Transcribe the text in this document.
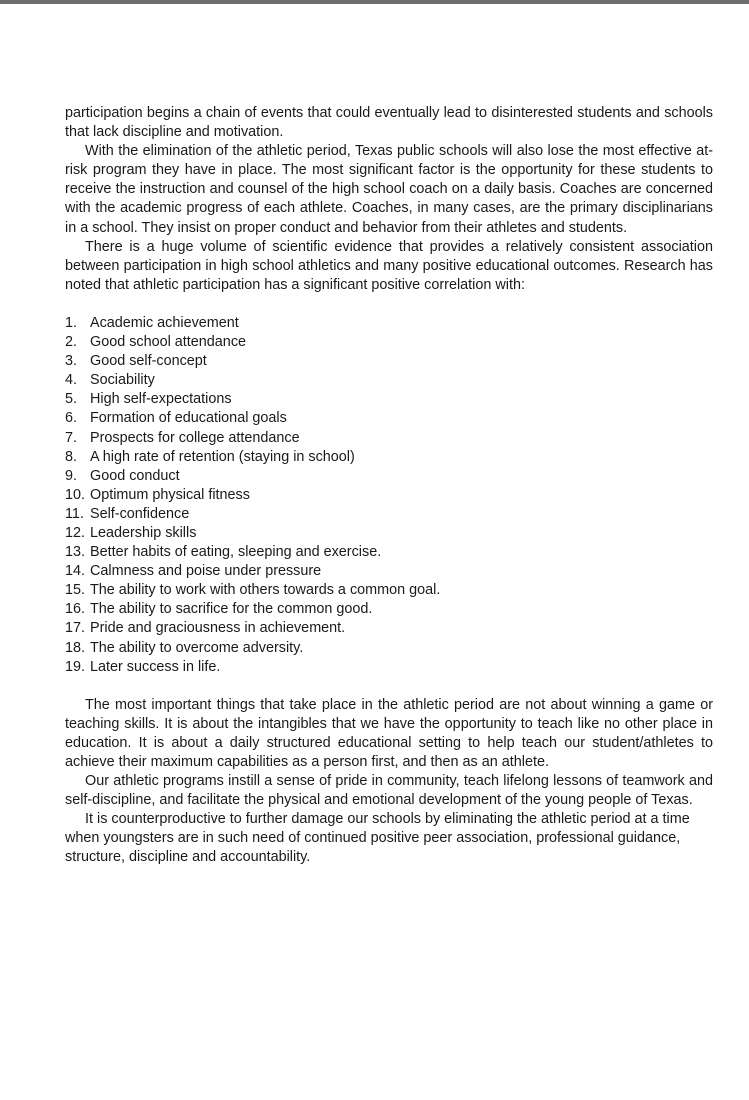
participation begins a chain of events that could eventually lead to disinterested students and schools that lack discipline and motivation.

With the elimination of the athletic period, Texas public schools will also lose the most effective at-risk program they have in place. The most significant factor is the opportunity for these students to receive the instruction and counsel of the high school coach on a daily basis. Coaches are concerned with the academic progress of each athlete. Coaches, in many cases, are the primary disciplinarians in a school. They insist on proper conduct and behavior from their athletes and students.

There is a huge volume of scientific evidence that provides a relatively consistent association between participation in high school athletics and many positive educational outcomes. Research has noted that athletic participation has a significant positive correlation with:

1. Academic achievement
2. Good school attendance
3. Good self-concept
4. Sociability
5. High self-expectations
6. Formation of educational goals
7. Prospects for college attendance
8. A high rate of retention (staying in school)
9. Good conduct
10. Optimum physical fitness
11. Self-confidence
12. Leadership skills
13. Better habits of eating, sleeping and exercise.
14. Calmness and poise under pressure
15. The ability to work with others towards a common goal.
16. The ability to sacrifice for the common good.
17. Pride and graciousness in achievement.
18. The ability to overcome adversity.
19. Later success in life.

The most important things that take place in the athletic period are not about winning a game or teaching skills. It is about the intangibles that we have the opportunity to teach like no other place in education. It is about a daily structured educational setting to help teach our student/athletes to achieve their maximum capabilities as a person first, and then as an athlete.

Our athletic programs instill a sense of pride in community, teach lifelong lessons of teamwork and self-discipline, and facilitate the physical and emotional development of the young people of Texas.

It is counterproductive to further damage our schools by eliminating the athletic period at a time when youngsters are in such need of continued positive peer association, professional guidance, structure, discipline and accountability.
